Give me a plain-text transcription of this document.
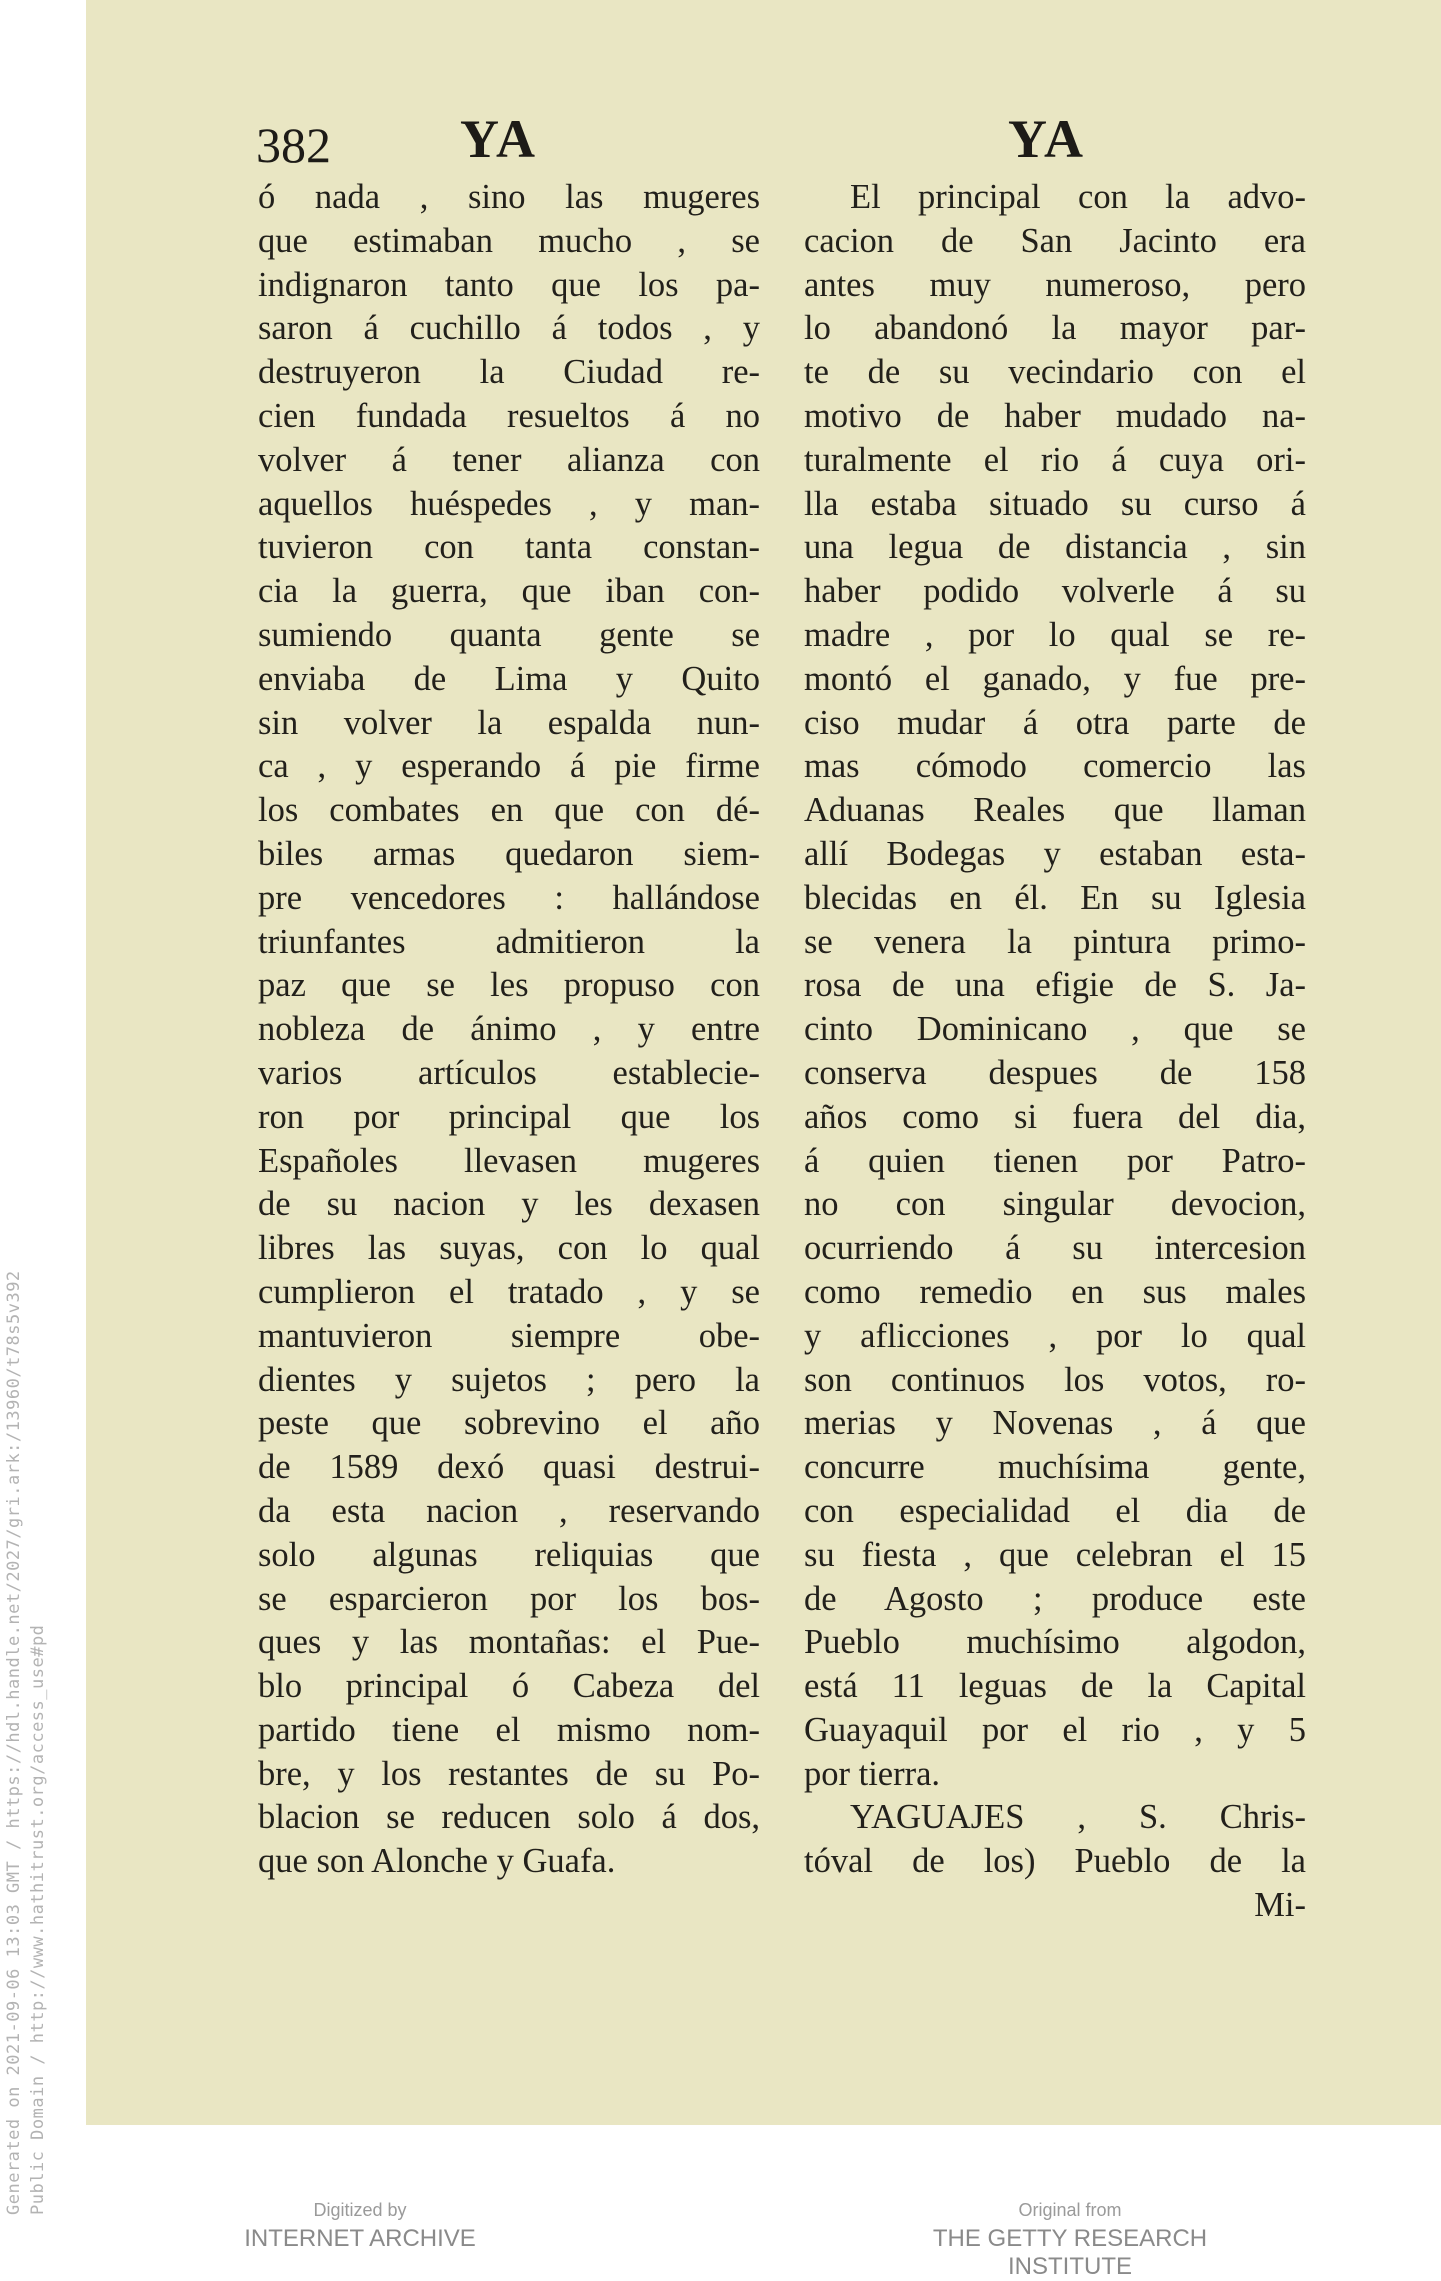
Generated on 2021-09-06 13:03 GMT / https://hdl.handle.net/2027/gri.ark:/13960/t78s5v392 Public Domain / http://www.hathitrust.org/access_use#pd
382 YA	YA
ó nada , sino las mugeres
que estimaban mucho , se
indignaron tanto que los pa-
saron á cuchillo á todos , y
destruyeron la Ciudad re-
cien fundada resueltos á no
volver á tener alianza con
aquellos huéspedes , y man-
tuvieron con tanta constan-
cia la guerra, que iban con-
sumiendo quanta gente se
enviaba de Lima y Quito
sin volver la espalda nun-
ca , y esperando á pie firme
los combates en que con dé-
biles armas quedaron siem-
pre vencedores : hallándose
triunfantes admitieron la
paz que se les propuso con
nobleza de ánimo , y entre
varios artículos establecie-
ron por principal que los
Españoles llevasen mugeres
de su nacion y les dexasen
libres las suyas, con lo qual
cumplieron el tratado , y se
mantuvieron siempre obe-
dientes y sujetos ; pero la
peste que sobrevino el año
de 1589 dexó quasi destrui-
da esta nacion , reservando
solo algunas reliquias que
se esparcieron por los bos-
ques y las montañas: el Pue-
blo principal ó Cabeza del
partido tiene el mismo nom-
bre, y los restantes de su Po-
blacion se reducen solo á dos,
que son Alonche y Guafa.
El principal con la advo-
cacion de San Jacinto era
antes muy numeroso, pero
lo abandonó la mayor par-
te de su vecindario con el
motivo de haber mudado na-
turalmente el rio á cuya ori-
lla estaba situado su curso á
una legua de distancia , sin
haber podido volverle á su
madre , por lo qual se re-
montó el ganado, y fue pre-
ciso mudar á otra parte de
mas cómodo comercio las
Aduanas Reales que llaman
allí Bodegas y estaban esta-
blecidas en él. En su Iglesia
se venera la pintura primo-
rosa de una efigie de S. Ja-
cinto Dominicano , que se
conserva despues de 158
años como si fuera del dia,
á quien tienen por Patro-
no con singular devocion,
ocurriendo á su intercesion
como remedio en sus males
y aflicciones , por lo qual
son continuos los votos, ro-
merias y Novenas , á que
concurre muchísima gente,
con especialidad el dia de
su fiesta , que celebran el 15
de Agosto ; produce este
Pueblo muchísimo algodon,
está 11 leguas de la Capital
Guayaquil por el rio , y 5
por tierra.
YAGUAJES , S. Chris-
tóval de los) Pueblo de la
Mi-
Digitized by
INTERNET ARCHIVE
Original from
THE GETTY RESEARCH INSTITUTE
